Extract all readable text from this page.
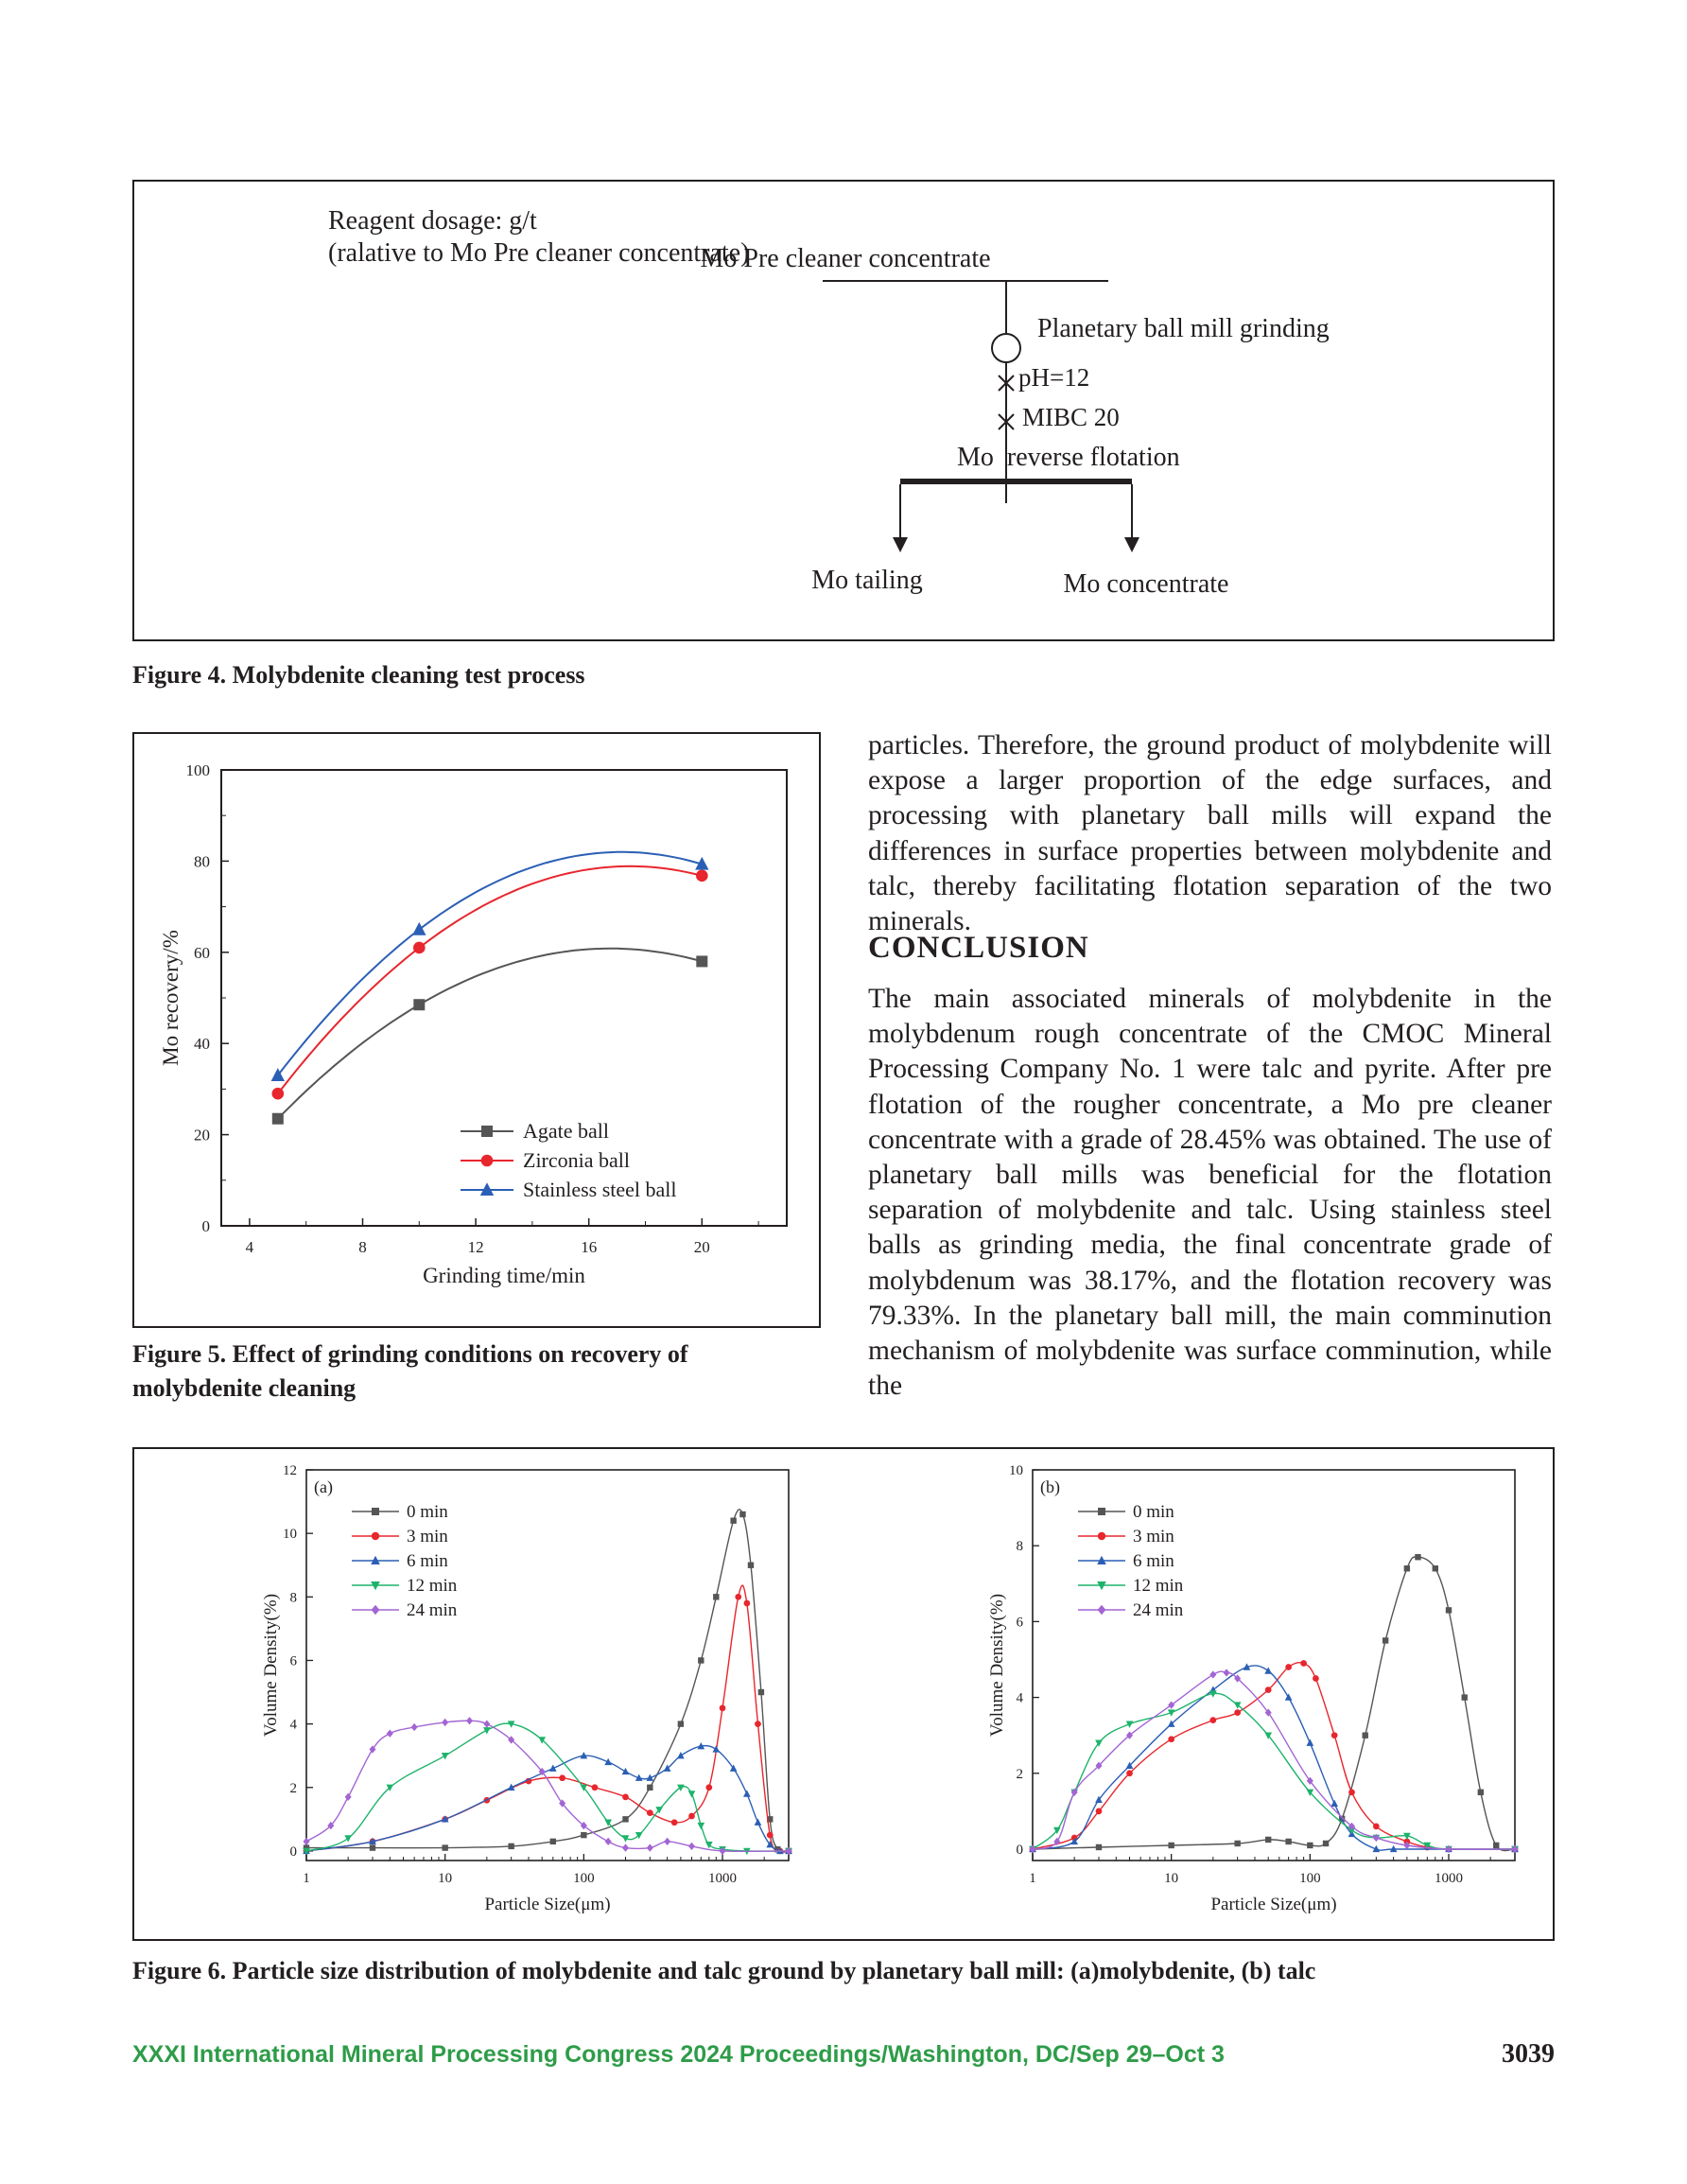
Reagent dosage: g/t
(ralative to Mo Pre cleaner concentrate)
Mo Pre cleaner concentrate
Planetary ball mill grinding
pH=12
MIBC 20
Mo  reverse flotation
Mo tailing	Mo concentrate
Figure 4. Molybdenite cleaning test process
0
20
40
60
80
100
4	8	12	16	20
Grinding time/min
Mo recovery/%
Agate ball
Zirconia ball
Stainless steel ball
Figure 5. Effect of grinding conditions on recovery of
molybdenite cleaning

particles. Therefore, the ground product of molybdenite will expose a larger proportion of the edge surfaces, and processing with planetary ball mills will expand the differences in surface properties between molybdenite and talc, thereby facilitating flotation separation of the two minerals.

CONCLUSION

The main associated minerals of molybdenite in the molybdenum rough concentrate of the CMOC Mineral Processing Company No. 1 were talc and pyrite. After pre flotation of the rougher concentrate, a Mo pre cleaner concentrate with a grade of 28.45% was obtained. The use of planetary ball mills was beneficial for the flotation separation of molybdenite and talc. Using stainless steel balls as grinding media, the final concentrate grade of molybdenum was 38.17%, and the flotation recovery was 79.33%. In the planetary ball mill, the main comminution mechanism of molybdenite was surface comminution, while the

0
2
4
6
8
10
12
1	10	100	1000
Particle Size(μm)
Volume Density(%)
(a)
0 min
3 min
6 min
12 min
24 min
0
2
4
6
8
10
1	10	100	1000
Particle Size(μm)
Volume Density(%)
(b)
0 min
3 min
6 min
12 min
24 min
Figure 6. Particle size distribution of molybdenite and talc ground by planetary ball mill: (a)molybdenite, (b) talc
XXXI International Mineral Processing Congress 2024 Proceedings/Washington, DC/Sep 29–Oct 3	3039
